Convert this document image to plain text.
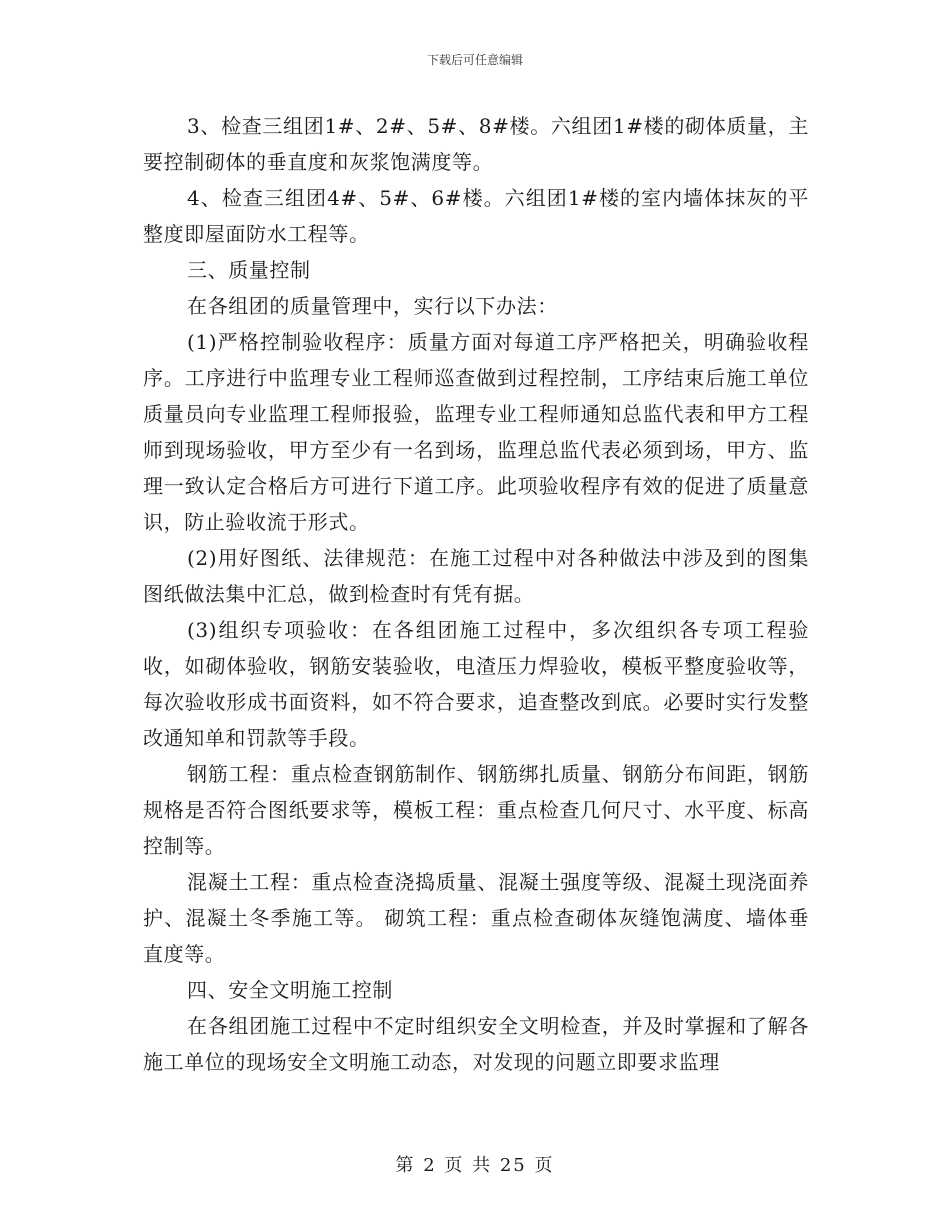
下载后可任意编辑

3、检查三组团1#、2#、5#、8#楼。六组团1#楼的砌体质量，主要控制砌体的垂直度和灰浆饱满度等。

4、检查三组团4#、5#、6#楼。六组团1#楼的室内墙体抹灰的平整度即屋面防水工程等。

三、质量控制

在各组团的质量管理中，实行以下办法：

(1)严格控制验收程序：质量方面对每道工序严格把关，明确验收程序。工序进行中监理专业工程师巡查做到过程控制，工序结束后施工单位质量员向专业监理工程师报验，监理专业工程师通知总监代表和甲方工程师到现场验收，甲方至少有一名到场，监理总监代表必须到场，甲方、监理一致认定合格后方可进行下道工序。此项验收程序有效的促进了质量意识，防止验收流于形式。

(2)用好图纸、法律规范：在施工过程中对各种做法中涉及到的图集图纸做法集中汇总，做到检查时有凭有据。

(3)组织专项验收：在各组团施工过程中，多次组织各专项工程验收，如砌体验收，钢筋安装验收，电渣压力焊验收，模板平整度验收等，每次验收形成书面资料，如不符合要求，追查整改到底。必要时实行发整改通知单和罚款等手段。

钢筋工程：重点检查钢筋制作、钢筋绑扎质量、钢筋分布间距，钢筋规格是否符合图纸要求等，模板工程：重点检查几何尺寸、水平度、标高控制等。

混凝土工程：重点检查浇捣质量、混凝土强度等级、混凝土现浇面养护、混凝土冬季施工等。 砌筑工程：重点检查砌体灰缝饱满度、墙体垂直度等。

四、安全文明施工控制

在各组团施工过程中不定时组织安全文明检查，并及时掌握和了解各施工单位的现场安全文明施工动态，对发现的问题立即要求监理

第 2 页 共 25 页
